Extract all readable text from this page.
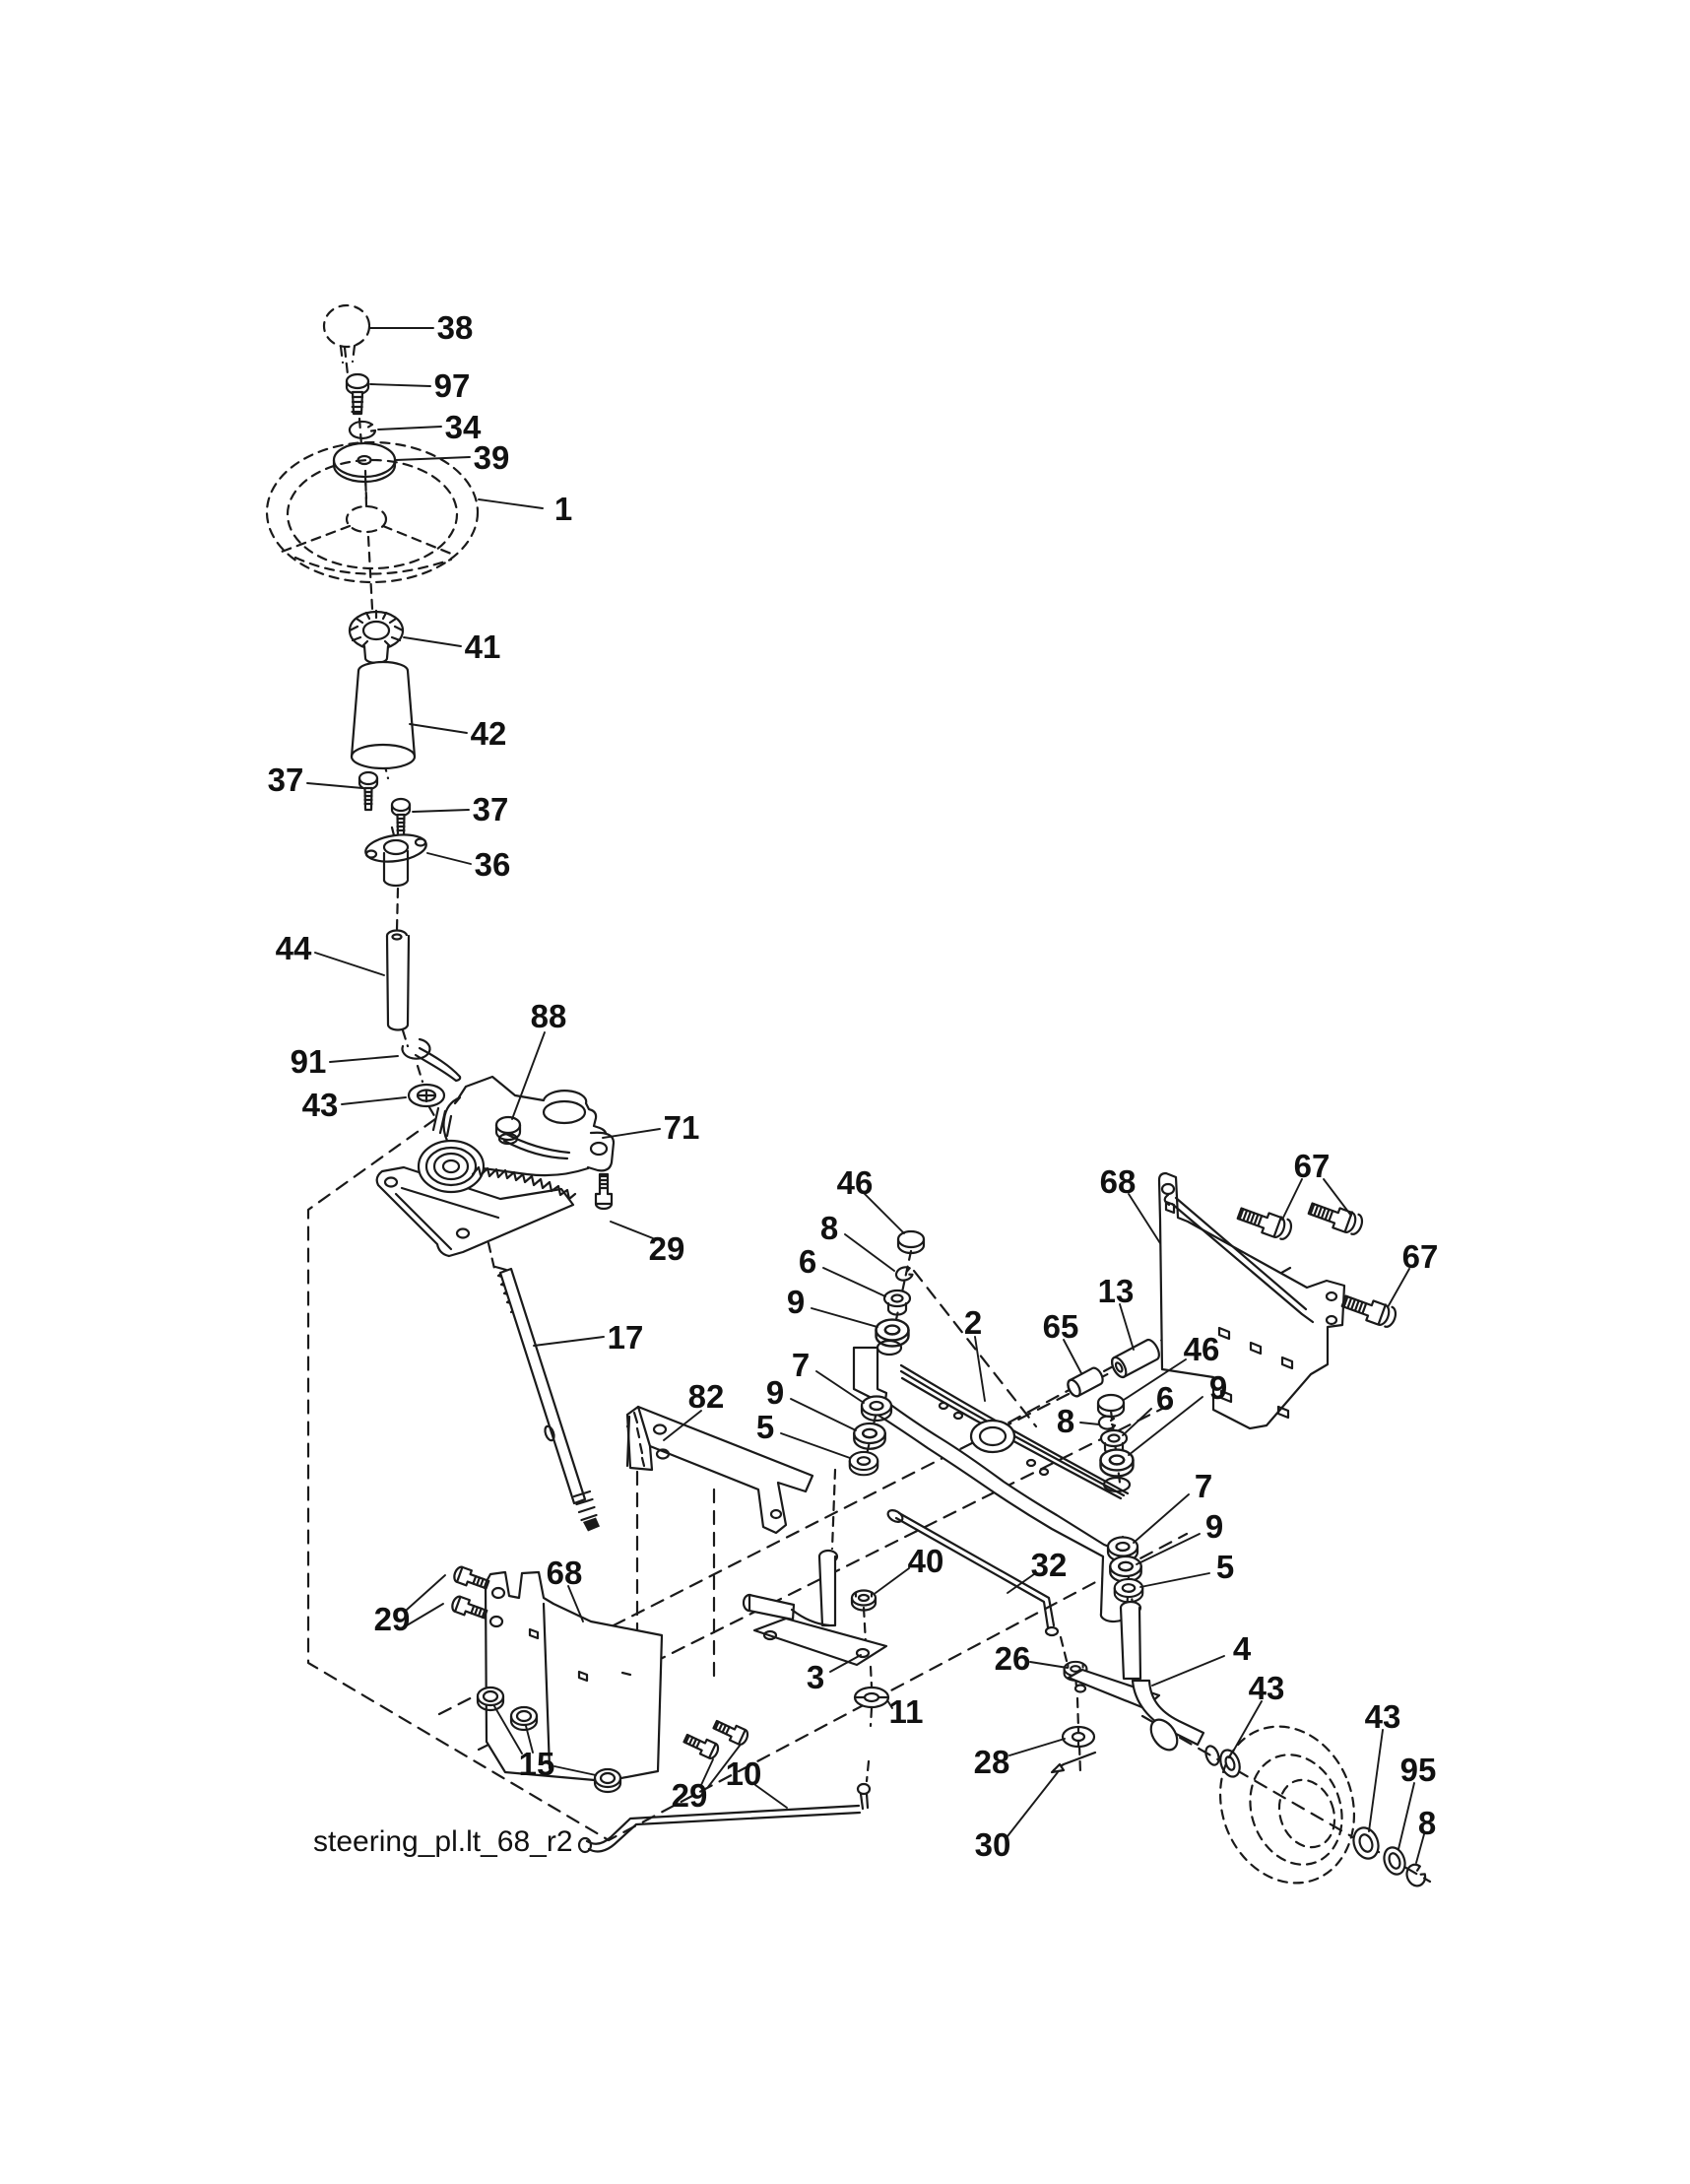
38
97
34
39
1
41
42
37
37
36
44
91
43
88
71
29
17
82
46
8
6
9
2 65
13
46
6 9
8
7
9
5
7
9
5
68	67
67
32
26	4
43
28
30
43
95
8
40
3
11
10
29
68
15
29
steering_pl.lt_68_r2
